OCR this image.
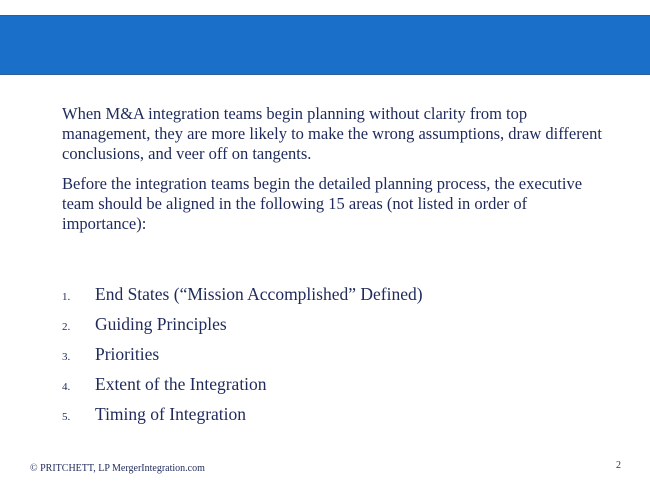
When M&A integration teams begin planning without clarity from top management, they are more likely to make the wrong assumptions, draw different conclusions, and veer off on tangents.

Before the integration teams begin the detailed planning process, the executive team should be aligned in the following 15 areas (not listed in order of importance):

1.	End States (“Mission Accomplished” Defined)
2.	Guiding Principles
3.	Priorities
4.	Extent of the Integration
5.	Timing of Integration
© PRITCHETT, LP MergerIntegration.com	2
